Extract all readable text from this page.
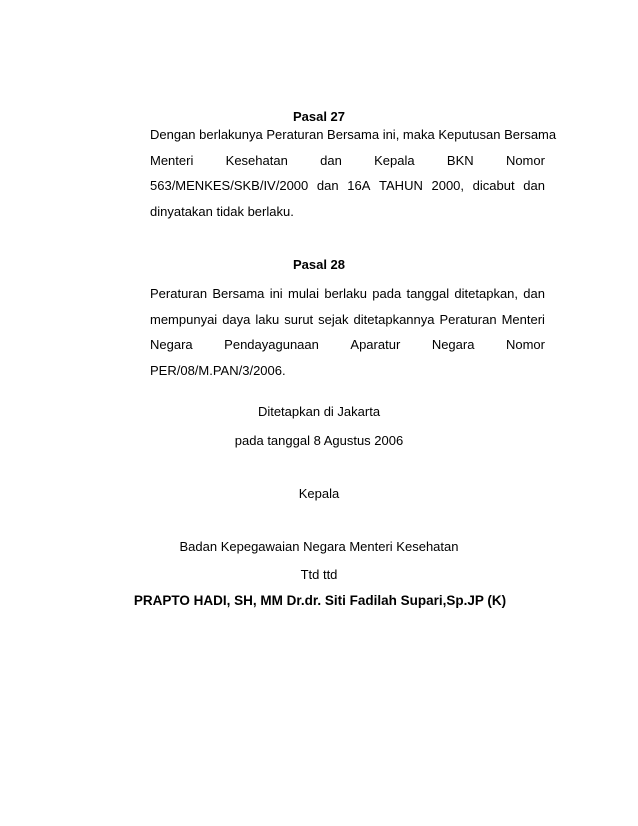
Pasal 27
Dengan berlakunya Peraturan Bersama ini, maka Keputusan Bersama
Menteri Kesehatan dan Kepala BKN Nomor
563/MENKES/SKB/IV/2000 dan 16A TAHUN 2000, dicabut dan
dinyatakan tidak berlaku.
Pasal 28
Peraturan Bersama ini mulai berlaku pada tanggal ditetapkan, dan
mempunyai daya laku surut sejak ditetapkannya Peraturan Menteri
Negara Pendayagunaan Aparatur Negara Nomor
PER/08/M.PAN/3/2006.
Ditetapkan di Jakarta
pada tanggal 8 Agustus 2006
Kepala
Badan Kepegawaian Negara Menteri Kesehatan
Ttd ttd
PRAPTO HADI, SH, MM Dr.dr. Siti Fadilah Supari,Sp.JP (K)
